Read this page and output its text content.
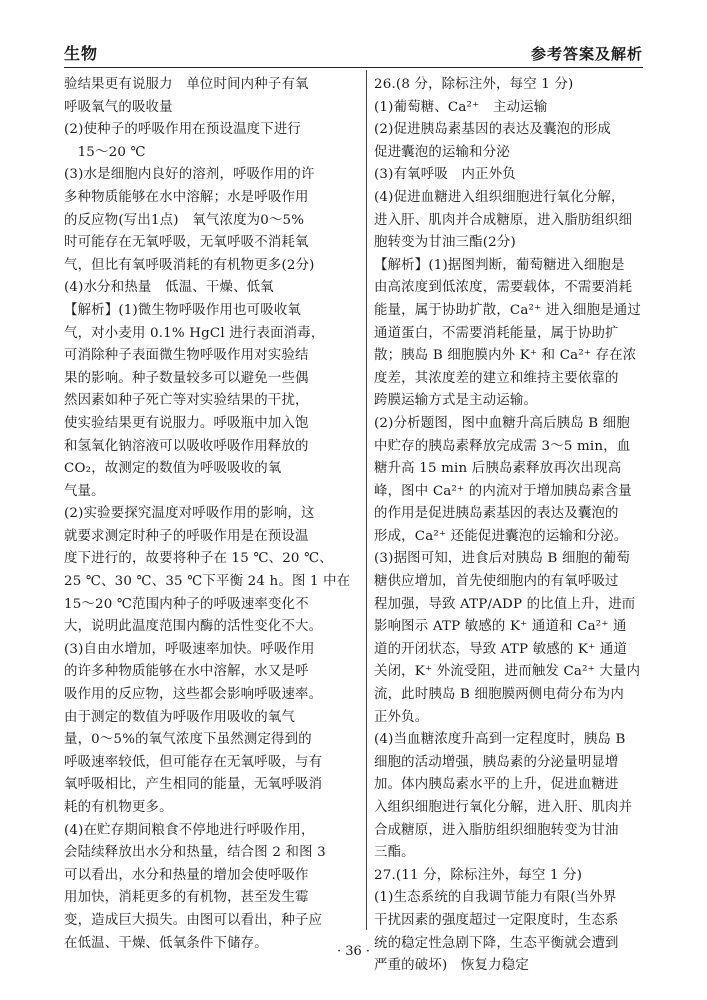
生物	参考答案及解析
验结果更有说服力　单位时间内种子有氧
呼吸氧气的吸收量
(2)使种子的呼吸作用在预设温度下进行
　15～20 ℃
(3)水是细胞内良好的溶剂，呼吸作用的许
多种物质能够在水中溶解；水是呼吸作用
的反应物(写出1点)　氧气浓度为0～5%
时可能存在无氧呼吸，无氧呼吸不消耗氧
气，但比有氧呼吸消耗的有机物更多(2分)
(4)水分和热量　低温、干燥、低氧
【解析】(1)微生物呼吸作用也可吸收氧
气，对小麦用 0.1% HgCl 进行表面消毒，
可消除种子表面微生物呼吸作用对实验结
果的影响。种子数量较多可以避免一些偶
然因素如种子死亡等对实验结果的干扰，
使实验结果更有说服力。呼吸瓶中加入饱
和氢氧化钠溶液可以吸收呼吸作用释放的
CO₂，故测定的数值为呼吸吸收的氧
气量。
(2)实验要探究温度对呼吸作用的影响，这
就要求测定时种子的呼吸作用是在预设温
度下进行的，故要将种子在 15 ℃、20 ℃、
25 ℃、30 ℃、35 ℃下平衡 24 h。图 1 中在
15～20 ℃范围内种子的呼吸速率变化不
大，说明此温度范围内酶的活性变化不大。
(3)自由水增加，呼吸速率加快。呼吸作用
的许多种物质能够在水中溶解，水又是呼
吸作用的反应物，这些都会影响呼吸速率。
由于测定的数值为呼吸作用吸收的氧气
量，0～5%的氧气浓度下虽然测定得到的
呼吸速率较低，但可能存在无氧呼吸，与有
氧呼吸相比，产生相同的能量，无氧呼吸消
耗的有机物更多。
(4)在贮存期间粮食不停地进行呼吸作用，
会陆续释放出水分和热量，结合图 2 和图 3
可以看出，水分和热量的增加会使呼吸作
用加快，消耗更多的有机物，甚至发生霉
变，造成巨大损失。由图可以看出，种子应
在低温、干燥、低氧条件下储存。
26.(8 分，除标注外，每空 1 分)
(1)葡萄糖、Ca²⁺　主动运输
(2)促进胰岛素基因的表达及囊泡的形成
促进囊泡的运输和分泌
(3)有氧呼吸　内正外负
(4)促进血糖进入组织细胞进行氧化分解，
进入肝、肌肉并合成糖原，进入脂肪组织细
胞转变为甘油三酯(2分)
【解析】(1)据图判断，葡萄糖进入细胞是
由高浓度到低浓度，需要载体，不需要消耗
能量，属于协助扩散，Ca²⁺ 进入细胞是通过
通道蛋白，不需要消耗能量，属于协助扩
散；胰岛 B 细胞膜内外 K⁺ 和 Ca²⁺ 存在浓
度差，其浓度差的建立和维持主要依靠的
跨膜运输方式是主动运输。
(2)分析题图，图中血糖升高后胰岛 B 细胞
中贮存的胰岛素释放完成需 3～5 min，血
糖升高 15 min 后胰岛素释放再次出现高
峰，图中 Ca²⁺ 的内流对于增加胰岛素含量
的作用是促进胰岛素基因的表达及囊泡的
形成，Ca²⁺ 还能促进囊泡的运输和分泌。
(3)据图可知，进食后对胰岛 B 细胞的葡萄
糖供应增加，首先使细胞内的有氧呼吸过
程加强，导致 ATP/ADP 的比值上升，进而
影响图示 ATP 敏感的 K⁺ 通道和 Ca²⁺ 通
道的开闭状态，导致 ATP 敏感的 K⁺ 通道
关闭，K⁺ 外流受阻，进而触发 Ca²⁺ 大量内
流，此时胰岛 B 细胞膜两侧电荷分布为内
正外负。
(4)当血糖浓度升高到一定程度时，胰岛 B
细胞的活动增强，胰岛素的分泌量明显增
加。体内胰岛素水平的上升，促进血糖进
入组织细胞进行氧化分解，进入肝、肌肉并
合成糖原，进入脂肪组织细胞转变为甘油
三酯。
27.(11 分，除标注外，每空 1 分)
(1)生态系统的自我调节能力有限(当外界
干扰因素的强度超过一定限度时，生态系
统的稳定性急剧下降，生态平衡就会遭到
严重的破坏)　恢复力稳定
· 36 ·
